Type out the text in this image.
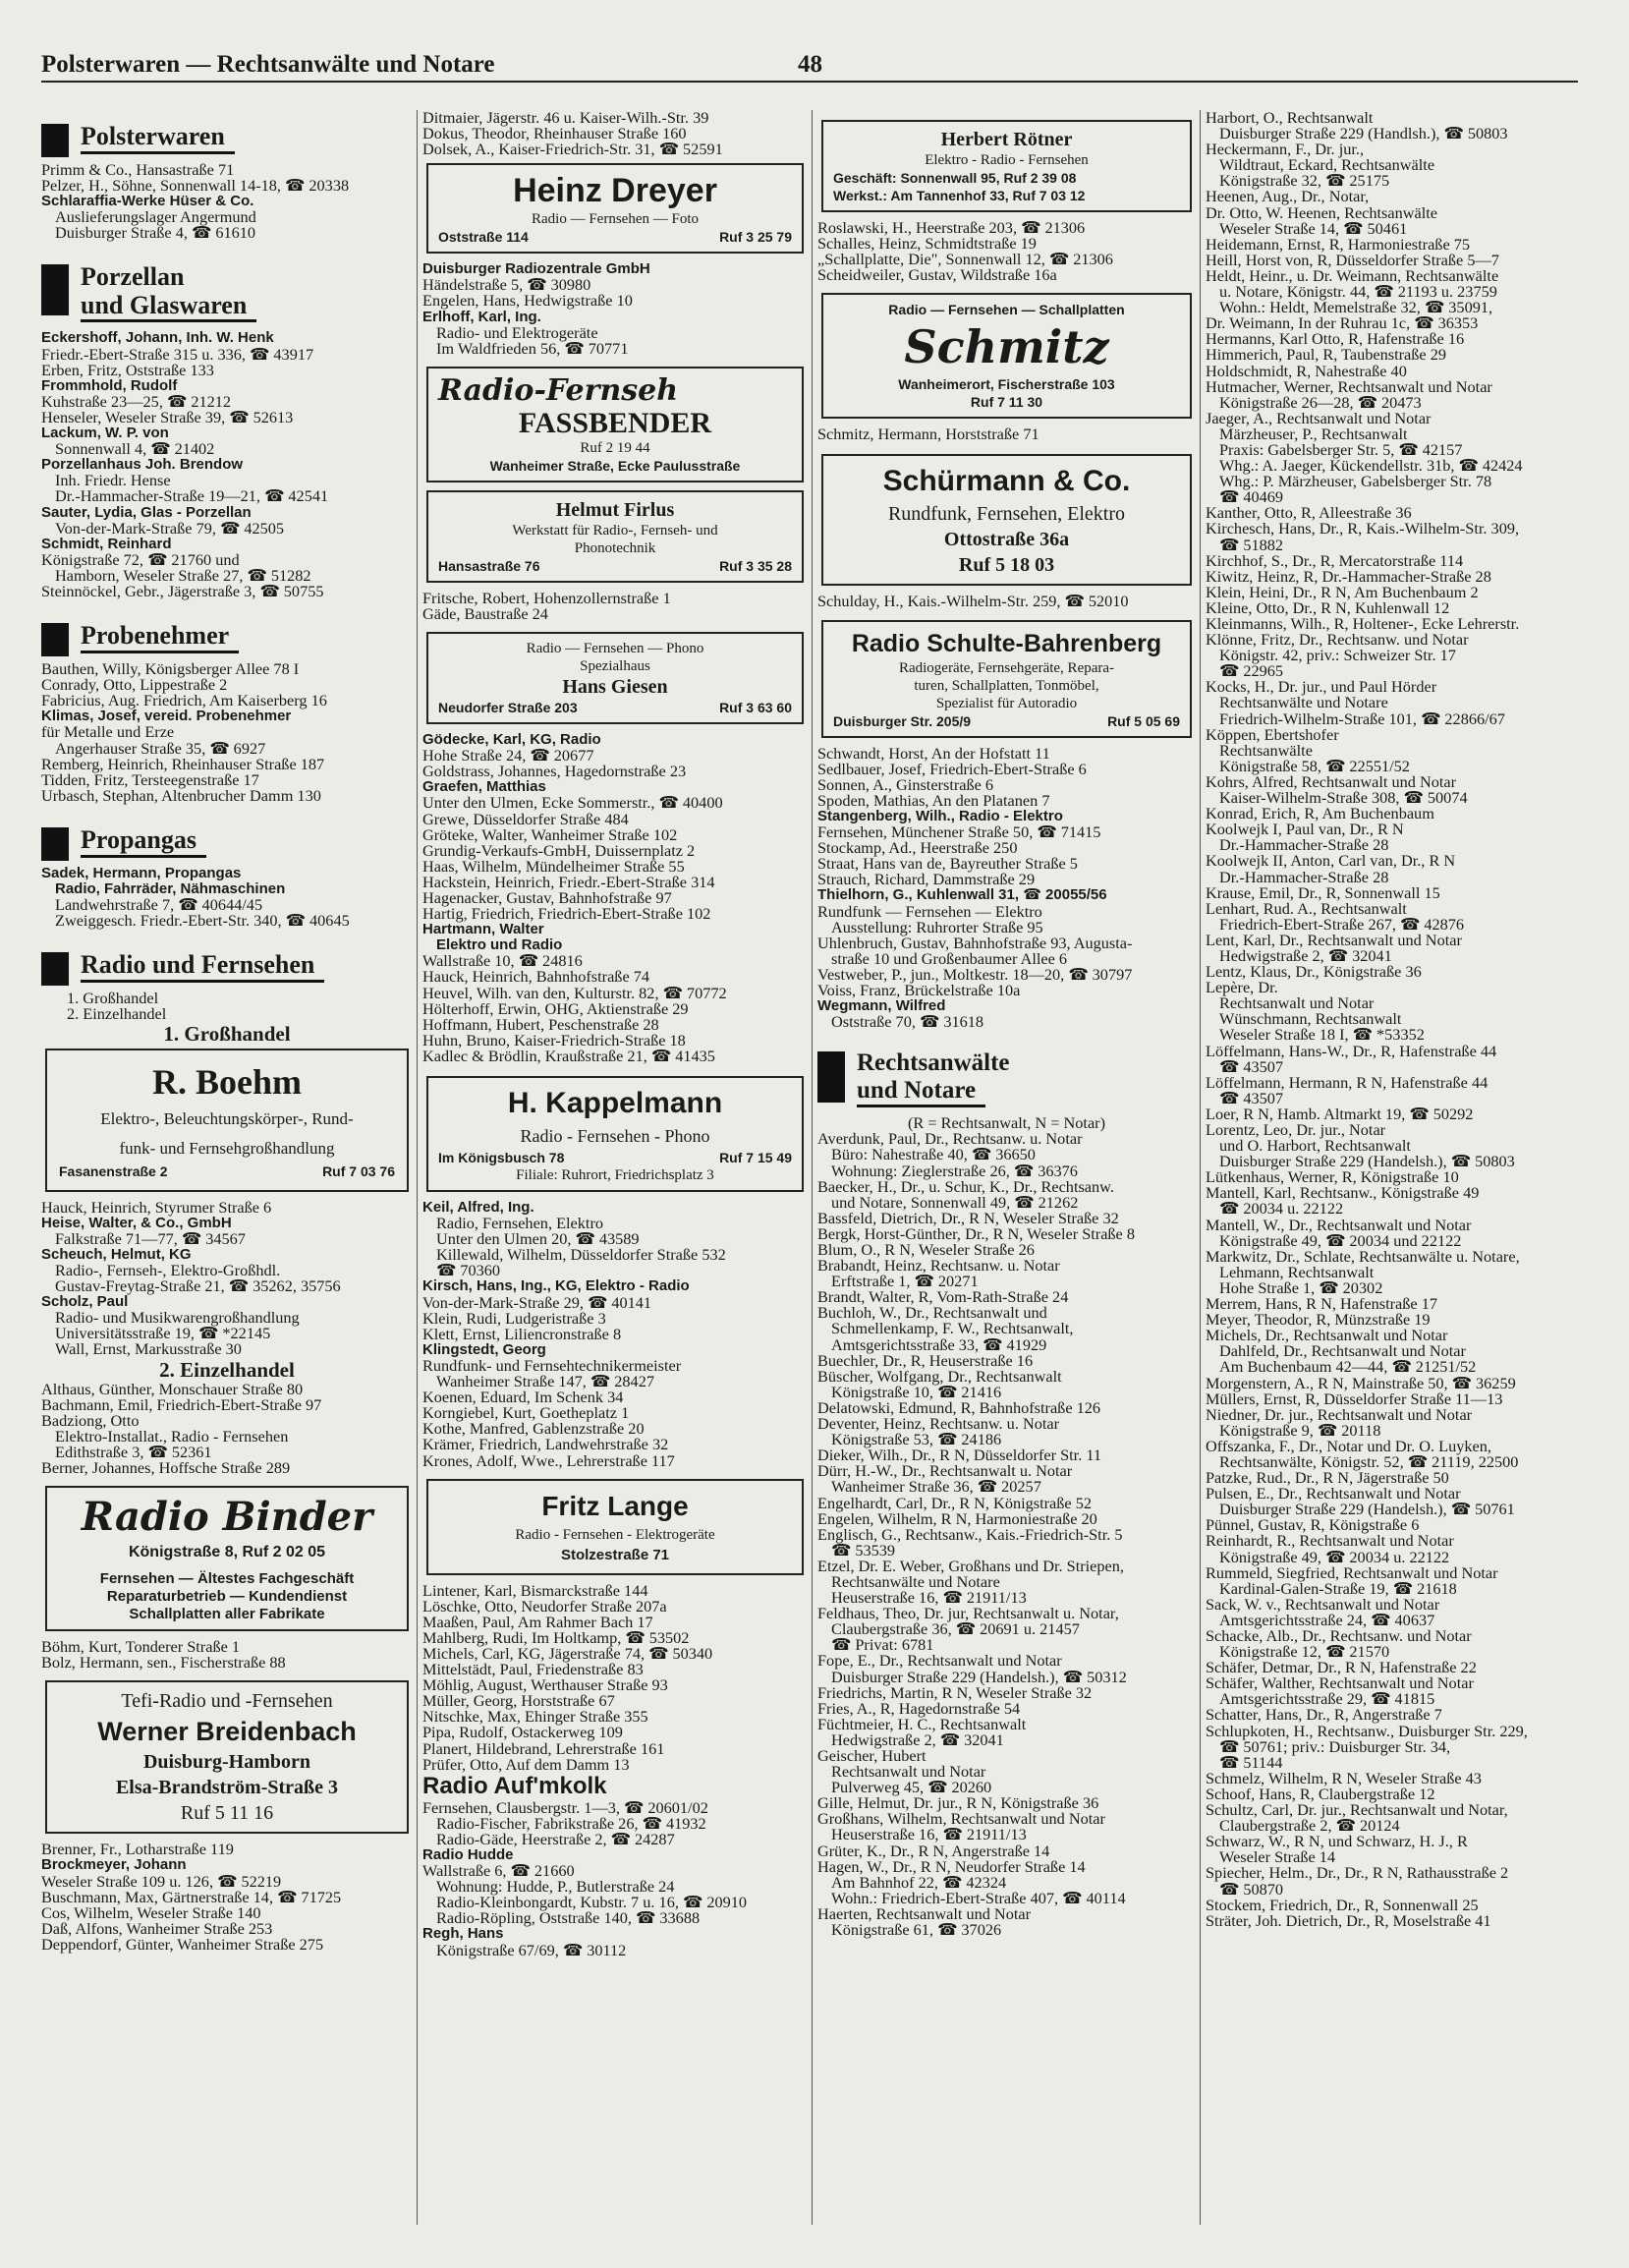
Polsterwaren — Rechtsanwälte und Notare	48
Polsterwaren

Primm & Co., Hansastraße 71

Pelzer, H., Söhne, Sonnenwall 14-18, ☎ 20338

Schlaraffia-Werke Hüser & Co.

Auslieferungslager Angermund

Duisburger Straße 4, ☎ 61610

Porzellan
und Glaswaren

Eckershoff, Johann, Inh. W. Henk

Friedr.-Ebert-Straße 315 u. 336, ☎ 43917

Erben, Fritz, Oststraße 133

Frommhold, Rudolf

Kuhstraße 23—25, ☎ 21212

Henseler, Weseler Straße 39, ☎ 52613

Lackum, W. P. von

Sonnenwall 4, ☎ 21402

Porzellanhaus Joh. Brendow

Inh. Friedr. Hense

Dr.-Hammacher-Straße 19—21, ☎ 42541

Sauter, Lydia, Glas - Porzellan

Von-der-Mark-Straße 79, ☎ 42505

Schmidt, Reinhard

Königstraße 72, ☎ 21760 und

Hamborn, Weseler Straße 27, ☎ 51282

Steinnöckel, Gebr., Jägerstraße 3, ☎ 50755

Probenehmer

Bauthen, Willy, Königsberger Allee 78 I

Conrady, Otto, Lippestraße 2

Fabricius, Aug. Friedrich, Am Kaiserberg 16

Klimas, Josef, vereid. Probenehmer

für Metalle und Erze

Angerhauser Straße 35, ☎ 6927

Remberg, Heinrich, Rheinhauser Straße 187

Tidden, Fritz, Tersteegenstraße 17

Urbasch, Stephan, Altenbrucher Damm 130

Propangas

Sadek, Hermann, Propangas

Radio, Fahrräder, Nähmaschinen

Landwehrstraße 7, ☎ 40644/45

Zweiggesch. Friedr.-Ebert-Str. 340, ☎ 40645

Radio und Fernsehen

1. Großhandel

2. Einzelhandel

1. Großhandel
R. Boehm
Elektro-, Beleuchtungskörper-, Rund-
funk- und Fernsehgroßhandlung
Fasanenstraße 2	Ruf 7 03 76

Hauck, Heinrich, Styrumer Straße 6

Heise, Walter, & Co., GmbH

Falkstraße 71—77, ☎ 34567

Scheuch, Helmut, KG

Radio-, Fernseh-, Elektro-Großhdl.

Gustav-Freytag-Straße 21, ☎ 35262, 35756

Scholz, Paul

Radio- und Musikwarengroßhandlung

Universitätsstraße 19, ☎ *22145

Wall, Ernst, Markusstraße 30

2. Einzelhandel

Althaus, Günther, Monschauer Straße 80

Bachmann, Emil, Friedrich-Ebert-Straße 97

Badziong, Otto

Elektro-Installat., Radio - Fernsehen

Edithstraße 3, ☎ 52361

Berner, Johannes, Hoffsche Straße 289

Radio Binder
Königstraße 8, Ruf 2 02 05
Fernsehen — Ältestes Fachgeschäft
Reparaturbetrieb — Kundendienst
Schallplatten aller Fabrikate

Böhm, Kurt, Tonderer Straße 1

Bolz, Hermann, sen., Fischerstraße 88

Tefi-Radio und -Fernsehen
Werner Breidenbach
Duisburg-Hamborn
Elsa-Brandström-Straße 3
Ruf 5 11 16

Brenner, Fr., Lotharstraße 119

Brockmeyer, Johann

Weseler Straße 109 u. 126, ☎ 52219

Buschmann, Max, Gärtnerstraße 14, ☎ 71725

Cos, Wilhelm, Weseler Straße 140

Daß, Alfons, Wanheimer Straße 253

Deppendorf, Günter, Wanheimer Straße 275

Ditmaier, Jägerstr. 46 u. Kaiser-Wilh.-Str. 39

Dokus, Theodor, Rheinhauser Straße 160

Dolsek, A., Kaiser-Friedrich-Str. 31, ☎ 52591

Heinz Dreyer
Radio — Fernsehen — Foto
Oststraße 114	Ruf 3 25 79

Duisburger Radiozentrale GmbH

Händelstraße 5, ☎ 30980

Engelen, Hans, Hedwigstraße 10

Erlhoff, Karl, Ing.

Radio- und Elektrogeräte

Im Waldfrieden 56, ☎ 70771

Radio-Fernseh
FASSBENDER
Ruf 2 19 44
Wanheimer Straße, Ecke Paulusstraße
Helmut Firlus
Werkstatt für Radio-, Fernseh- und
Phonotechnik
Hansastraße 76	Ruf 3 35 28

Fritsche, Robert, Hohenzollernstraße 1

Gäde, Baustraße 24

Radio — Fernsehen — Phono
Spezialhaus
Hans Giesen
Neudorfer Straße 203	Ruf 3 63 60

Gödecke, Karl, KG, Radio

Hohe Straße 24, ☎ 20677

Goldstrass, Johannes, Hagedornstraße 23

Graefen, Matthias

Unter den Ulmen, Ecke Sommerstr., ☎ 40400

Grewe, Düsseldorfer Straße 484

Gröteke, Walter, Wanheimer Straße 102

Grundig-Verkaufs-GmbH, Duissernplatz 2

Haas, Wilhelm, Mündelheimer Straße 55

Hackstein, Heinrich, Friedr.-Ebert-Straße 314

Hagenacker, Gustav, Bahnhofstraße 97

Hartig, Friedrich, Friedrich-Ebert-Straße 102

Hartmann, Walter

Elektro und Radio

Wallstraße 10, ☎ 24816

Hauck, Heinrich, Bahnhofstraße 74

Heuvel, Wilh. van den, Kulturstr. 82, ☎ 70772

Hölterhoff, Erwin, OHG, Aktienstraße 29

Hoffmann, Hubert, Peschenstraße 28

Huhn, Bruno, Kaiser-Friedrich-Straße 18

Kadlec & Brödlin, Kraußstraße 21, ☎ 41435

H. Kappelmann
Radio - Fernsehen - Phono
Im Königsbusch 78	Ruf 7 15 49
Filiale: Ruhrort, Friedrichsplatz 3

Keil, Alfred, Ing.

Radio, Fernsehen, Elektro

Unter den Ulmen 20, ☎ 43589

Killewald, Wilhelm, Düsseldorfer Straße 532

☎ 70360

Kirsch, Hans, Ing., KG, Elektro - Radio

Von-der-Mark-Straße 29, ☎ 40141

Klein, Rudi, Ludgeristraße 3

Klett, Ernst, Liliencronstraße 8

Klingstedt, Georg

Rundfunk- und Fernsehtechnikermeister

Wanheimer Straße 147, ☎ 28427

Koenen, Eduard, Im Schenk 34

Korngiebel, Kurt, Goetheplatz 1

Kothe, Manfred, Gablenzstraße 20

Krämer, Friedrich, Landwehrstraße 32

Krones, Adolf, Wwe., Lehrerstraße 117

Fritz Lange
Radio - Fernsehen - Elektrogeräte
Stolzestraße 71

Lintener, Karl, Bismarckstraße 144

Löschke, Otto, Neudorfer Straße 207a

Maaßen, Paul, Am Rahmer Bach 17

Mahlberg, Rudi, Im Holtkamp, ☎ 53502

Michels, Carl, KG, Jägerstraße 74, ☎ 50340

Mittelstädt, Paul, Friedenstraße 83

Möhlig, August, Werthauser Straße 93

Müller, Georg, Horststraße 67

Nitschke, Max, Ehinger Straße 355

Pipa, Rudolf, Ostackerweg 109

Planert, Hildebrand, Lehrerstraße 161

Prüfer, Otto, Auf dem Damm 13

Radio Auf'mkolk

Fernsehen, Clausbergstr. 1—3, ☎ 20601/02

Radio-Fischer, Fabrikstraße 26, ☎ 41932

Radio-Gäde, Heerstraße 2, ☎ 24287

Radio Hudde

Wallstraße 6, ☎ 21660

Wohnung: Hudde, P., Butlerstraße 24

Radio-Kleinbongardt, Kubstr. 7 u. 16, ☎ 20910

Radio-Röpling, Oststraße 140, ☎ 33688

Regh, Hans

Königstraße 67/69, ☎ 30112

Herbert Rötner
Elektro - Radio - Fernsehen
Geschäft: Sonnenwall 95, Ruf 2 39 08
Werkst.: Am Tannenhof 33, Ruf 7 03 12

Roslawski, H., Heerstraße 203, ☎ 21306

Schalles, Heinz, Schmidtstraße 19

„Schallplatte, Die", Sonnenwall 12, ☎ 21306

Scheidweiler, Gustav, Wildstraße 16a

Radio — Fernsehen — Schallplatten
Schmitz
Wanheimerort, Fischerstraße 103
Ruf 7 11 30

Schmitz, Hermann, Horststraße 71

Schürmann & Co.
Rundfunk, Fernsehen, Elektro
Ottostraße 36a
Ruf 5 18 03

Schulday, H., Kais.-Wilhelm-Str. 259, ☎ 52010

Radio Schulte-Bahrenberg
Radiogeräte, Fernsehgeräte, Repara-
turen, Schallplatten, Tonmöbel,
Spezialist für Autoradio
Duisburger Str. 205/9	Ruf 5 05 69

Schwandt, Horst, An der Hofstatt 11

Sedlbauer, Josef, Friedrich-Ebert-Straße 6

Sonnen, A., Ginsterstraße 6

Spoden, Mathias, An den Platanen 7

Stangenberg, Wilh., Radio - Elektro

Fernsehen, Münchener Straße 50, ☎ 71415

Stockamp, Ad., Heerstraße 250

Straat, Hans van de, Bayreuther Straße 5

Strauch, Richard, Dammstraße 29

Thielhorn, G., Kuhlenwall 31, ☎ 20055/56

Rundfunk — Fernsehen — Elektro

Ausstellung: Ruhrorter Straße 95

Uhlenbruch, Gustav, Bahnhofstraße 93, Augusta-

straße 10 und Großenbaumer Allee 6

Vestweber, P., jun., Moltkestr. 18—20, ☎ 30797

Voiss, Franz, Brückelstraße 10a

Wegmann, Wilfred

Oststraße 70, ☎ 31618

Rechtsanwälte
und Notare

(R = Rechtsanwalt, N = Notar)

Averdunk, Paul, Dr., Rechtsanw. u. Notar

Büro: Nahestraße 40, ☎ 36650

Wohnung: Zieglerstraße 26, ☎ 36376

Baecker, H., Dr., u. Schur, K., Dr., Rechtsanw.

und Notare, Sonnenwall 49, ☎ 21262

Bassfeld, Dietrich, Dr., R N, Weseler Straße 32

Bergk, Horst-Günther, Dr., R N, Weseler Straße 8

Blum, O., R N, Weseler Straße 26

Brabandt, Heinz, Rechtsanw. u. Notar

Erftstraße 1, ☎ 20271

Brandt, Walter, R, Vom-Rath-Straße 24

Buchloh, W., Dr., Rechtsanwalt und

Schmellenkamp, F. W., Rechtsanwalt,

Amtsgerichtsstraße 33, ☎ 41929

Buechler, Dr., R, Heuserstraße 16

Büscher, Wolfgang, Dr., Rechtsanwalt

Königstraße 10, ☎ 21416

Delatowski, Edmund, R, Bahnhofstraße 126

Deventer, Heinz, Rechtsanw. u. Notar

Königstraße 53, ☎ 24186

Dieker, Wilh., Dr., R N, Düsseldorfer Str. 11

Dürr, H.-W., Dr., Rechtsanwalt u. Notar

Wanheimer Straße 36, ☎ 20257

Engelhardt, Carl, Dr., R N, Königstraße 52

Engelen, Wilhelm, R N, Harmoniestraße 20

Englisch, G., Rechtsanw., Kais.-Friedrich-Str. 5

☎ 53539

Etzel, Dr. E. Weber, Großhans und Dr. Striepen,

Rechtsanwälte und Notare

Heuserstraße 16, ☎ 21911/13

Feldhaus, Theo, Dr. jur, Rechtsanwalt u. Notar,

Claubergstraße 36, ☎ 20691 u. 21457

☎ Privat: 6781

Fope, E., Dr., Rechtsanwalt und Notar

Duisburger Straße 229 (Handelsh.), ☎ 50312

Friedrichs, Martin, R N, Weseler Straße 32

Fries, A., R, Hagedornstraße 54

Füchtmeier, H. C., Rechtsanwalt

Hedwigstraße 2, ☎ 32041

Geischer, Hubert

Rechtsanwalt und Notar

Pulverweg 45, ☎ 20260

Gille, Helmut, Dr. jur., R N, Königstraße 36

Großhans, Wilhelm, Rechtsanwalt und Notar

Heuserstraße 16, ☎ 21911/13

Grüter, K., Dr., R N, Angerstraße 14

Hagen, W., Dr., R N, Neudorfer Straße 14

Am Bahnhof 22, ☎ 42324

Wohn.: Friedrich-Ebert-Straße 407, ☎ 40114

Haerten, Rechtsanwalt und Notar

Königstraße 61, ☎ 37026

Harbort, O., Rechtsanwalt

Duisburger Straße 229 (Handlsh.), ☎ 50803

Heckermann, F., Dr. jur.,

Wildtraut, Eckard, Rechtsanwälte

Königstraße 32, ☎ 25175

Heenen, Aug., Dr., Notar,

Dr. Otto, W. Heenen, Rechtsanwälte

Weseler Straße 14, ☎ 50461

Heidemann, Ernst, R, Harmoniestraße 75

Heill, Horst von, R, Düsseldorfer Straße 5—7

Heldt, Heinr., u. Dr. Weimann, Rechtsanwälte

u. Notare, Königstr. 44, ☎ 21193 u. 23759

Wohn.: Heldt, Memelstraße 32, ☎ 35091,

Dr. Weimann, In der Ruhrau 1c, ☎ 36353

Hermanns, Karl Otto, R, Hafenstraße 16

Himmerich, Paul, R, Taubenstraße 29

Holdschmidt, R, Nahestraße 40

Hutmacher, Werner, Rechtsanwalt und Notar

Königstraße 26—28, ☎ 20473

Jaeger, A., Rechtsanwalt und Notar

Märzheuser, P., Rechtsanwalt

Praxis: Gabelsberger Str. 5, ☎ 42157

Whg.: A. Jaeger, Kückendellstr. 31b, ☎ 42424

Whg.: P. Märzheuser, Gabelsberger Str. 78

☎ 40469

Kanther, Otto, R, Alleestraße 36

Kirchesch, Hans, Dr., R, Kais.-Wilhelm-Str. 309,

☎ 51882

Kirchhof, S., Dr., R, Mercatorstraße 114

Kiwitz, Heinz, R, Dr.-Hammacher-Straße 28

Klein, Heini, Dr., R N, Am Buchenbaum 2

Kleine, Otto, Dr., R N, Kuhlenwall 12

Kleinmanns, Wilh., R, Holtener-, Ecke Lehrerstr.

Klönne, Fritz, Dr., Rechtsanw. und Notar

Königstr. 42, priv.: Schweizer Str. 17

☎ 22965

Kocks, H., Dr. jur., und Paul Hörder

Rechtsanwälte und Notare

Friedrich-Wilhelm-Straße 101, ☎ 22866/67

Köppen, Ebertshofer

Rechtsanwälte

Königstraße 58, ☎ 22551/52

Kohrs, Alfred, Rechtsanwalt und Notar

Kaiser-Wilhelm-Straße 308, ☎ 50074

Konrad, Erich, R, Am Buchenbaum

Koolwejk I, Paul van, Dr., R N

Dr.-Hammacher-Straße 28

Koolwejk II, Anton, Carl van, Dr., R N

Dr.-Hammacher-Straße 28

Krause, Emil, Dr., R, Sonnenwall 15

Lenhart, Rud. A., Rechtsanwalt

Friedrich-Ebert-Straße 267, ☎ 42876

Lent, Karl, Dr., Rechtsanwalt und Notar

Hedwigstraße 2, ☎ 32041

Lentz, Klaus, Dr., Königstraße 36

Lepère, Dr.

Rechtsanwalt und Notar

Wünschmann, Rechtsanwalt

Weseler Straße 18 I, ☎ *53352

Löffelmann, Hans-W., Dr., R, Hafenstraße 44

☎ 43507

Löffelmann, Hermann, R N, Hafenstraße 44

☎ 43507

Loer, R N, Hamb. Altmarkt 19, ☎ 50292

Lorentz, Leo, Dr. jur., Notar

und O. Harbort, Rechtsanwalt

Duisburger Straße 229 (Handelsh.), ☎ 50803

Lütkenhaus, Werner, R, Königstraße 10

Mantell, Karl, Rechtsanw., Königstraße 49

☎ 20034 u. 22122

Mantell, W., Dr., Rechtsanwalt und Notar

Königstraße 49, ☎ 20034 und 22122

Markwitz, Dr., Schlate, Rechtsanwälte u. Notare,

Lehmann, Rechtsanwalt

Hohe Straße 1, ☎ 20302

Merrem, Hans, R N, Hafenstraße 17

Meyer, Theodor, R, Münzstraße 19

Michels, Dr., Rechtsanwalt und Notar

Dahlfeld, Dr., Rechtsanwalt und Notar

Am Buchenbaum 42—44, ☎ 21251/52

Morgenstern, A., R N, Mainstraße 50, ☎ 36259

Müllers, Ernst, R, Düsseldorfer Straße 11—13

Niedner, Dr. jur., Rechtsanwalt und Notar

Königstraße 9, ☎ 20118

Offszanka, F., Dr., Notar und Dr. O. Luyken,

Rechtsanwälte, Königstr. 52, ☎ 21119, 22500

Patzke, Rud., Dr., R N, Jägerstraße 50

Pulsen, E., Dr., Rechtsanwalt und Notar

Duisburger Straße 229 (Handelsh.), ☎ 50761

Pünnel, Gustav, R, Königstraße 6

Reinhardt, R., Rechtsanwalt und Notar

Königstraße 49, ☎ 20034 u. 22122

Rummeld, Siegfried, Rechtsanwalt und Notar

Kardinal-Galen-Straße 19, ☎ 21618

Sack, W. v., Rechtsanwalt und Notar

Amtsgerichtsstraße 24, ☎ 40637

Schacke, Alb., Dr., Rechtsanw. und Notar

Königstraße 12, ☎ 21570

Schäfer, Detmar, Dr., R N, Hafenstraße 22

Schäfer, Walther, Rechtsanwalt und Notar

Amtsgerichtsstraße 29, ☎ 41815

Schatter, Hans, Dr., R, Angerstraße 7

Schlupkoten, H., Rechtsanw., Duisburger Str. 229,

☎ 50761; priv.: Duisburger Str. 34,

☎ 51144

Schmelz, Wilhelm, R N, Weseler Straße 43

Schoof, Hans, R, Claubergstraße 12

Schultz, Carl, Dr. jur., Rechtsanwalt und Notar,

Claubergstraße 2, ☎ 20124

Schwarz, W., R N, und Schwarz, H. J., R

Weseler Straße 14

Spiecher, Helm., Dr., Dr., R N, Rathausstraße 2

☎ 50870

Stockem, Friedrich, Dr., R, Sonnenwall 25

Sträter, Joh. Dietrich, Dr., R, Moselstraße 41
